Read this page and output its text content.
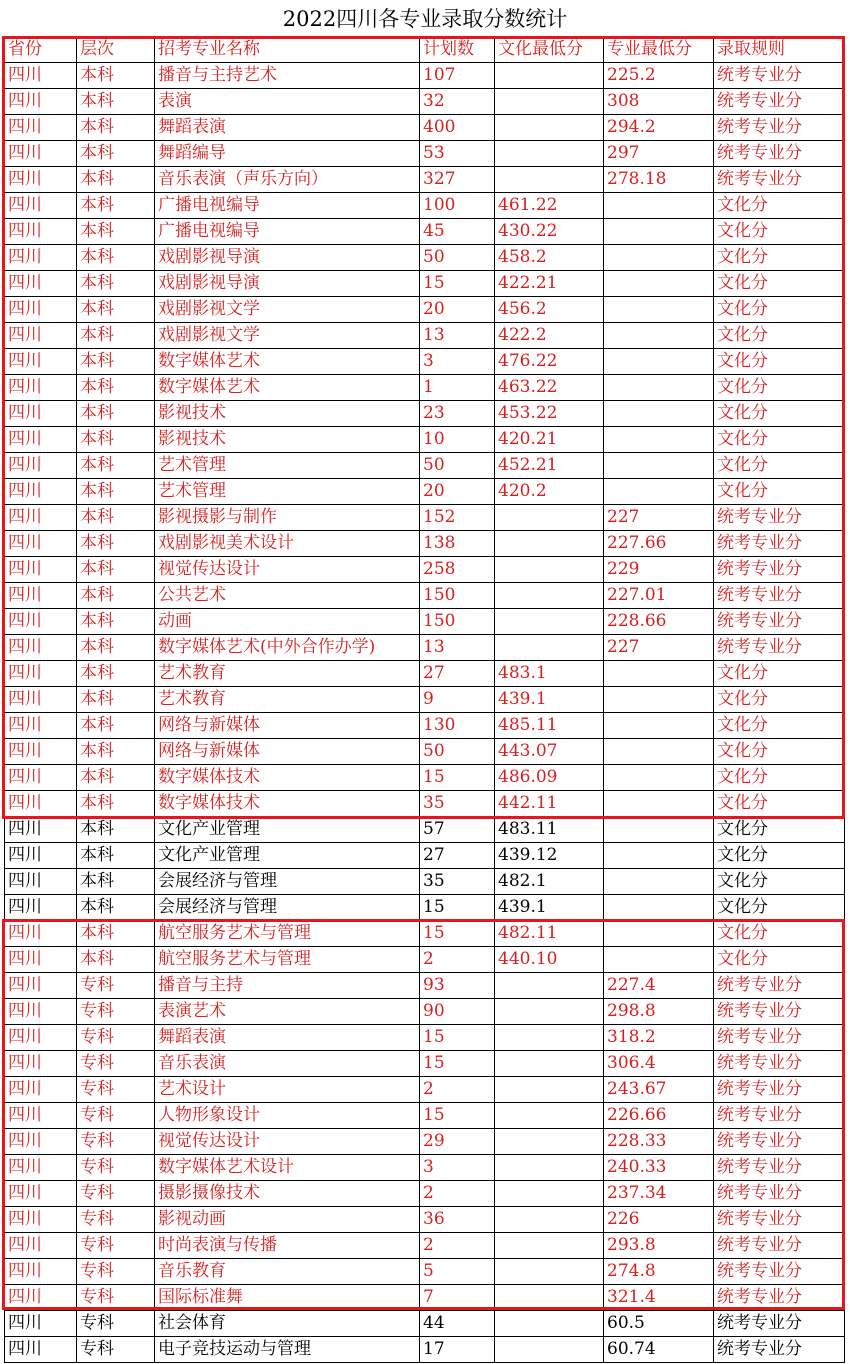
2022四川各专业录取分数统计
省份	层次	招考专业名称	计划数	文化最低分	专业最低分	录取规则
四川	本科	播音与主持艺术	107		225.2	统考专业分
四川	本科	表演	32		308	统考专业分
四川	本科	舞蹈表演	400		294.2	统考专业分
四川	本科	舞蹈编导	53		297	统考专业分
四川	本科	音乐表演（声乐方向）	327		278.18	统考专业分
四川	本科	广播电视编导	100	461.22		文化分
四川	本科	广播电视编导	45	430.22		文化分
四川	本科	戏剧影视导演	50	458.2		文化分
四川	本科	戏剧影视导演	15	422.21		文化分
四川	本科	戏剧影视文学	20	456.2		文化分
四川	本科	戏剧影视文学	13	422.2		文化分
四川	本科	数字媒体艺术	3	476.22		文化分
四川	本科	数字媒体艺术	1	463.22		文化分
四川	本科	影视技术	23	453.22		文化分
四川	本科	影视技术	10	420.21		文化分
四川	本科	艺术管理	50	452.21		文化分
四川	本科	艺术管理	20	420.2		文化分
四川	本科	影视摄影与制作	152		227	统考专业分
四川	本科	戏剧影视美术设计	138		227.66	统考专业分
四川	本科	视觉传达设计	258		229	统考专业分
四川	本科	公共艺术	150		227.01	统考专业分
四川	本科	动画	150		228.66	统考专业分
四川	本科	数字媒体艺术(中外合作办学)	13		227	统考专业分
四川	本科	艺术教育	27	483.1		文化分
四川	本科	艺术教育	9	439.1		文化分
四川	本科	网络与新媒体	130	485.11		文化分
四川	本科	网络与新媒体	50	443.07		文化分
四川	本科	数字媒体技术	15	486.09		文化分
四川	本科	数字媒体技术	35	442.11		文化分
四川	本科	文化产业管理	57	483.11		文化分
四川	本科	文化产业管理	27	439.12		文化分
四川	本科	会展经济与管理	35	482.1		文化分
四川	本科	会展经济与管理	15	439.1		文化分
四川	本科	航空服务艺术与管理	15	482.11		文化分
四川	本科	航空服务艺术与管理	2	440.10		文化分
四川	专科	播音与主持	93		227.4	统考专业分
四川	专科	表演艺术	90		298.8	统考专业分
四川	专科	舞蹈表演	15		318.2	统考专业分
四川	专科	音乐表演	15		306.4	统考专业分
四川	专科	艺术设计	2		243.67	统考专业分
四川	专科	人物形象设计	15		226.66	统考专业分
四川	专科	视觉传达设计	29		228.33	统考专业分
四川	专科	数字媒体艺术设计	3		240.33	统考专业分
四川	专科	摄影摄像技术	2		237.34	统考专业分
四川	专科	影视动画	36		226	统考专业分
四川	专科	时尚表演与传播	2		293.8	统考专业分
四川	专科	音乐教育	5		274.8	统考专业分
四川	专科	国际标准舞	7		321.4	统考专业分
四川	专科	社会体育	44		60.5	统考专业分
四川	专科	电子竞技运动与管理	17		60.74	统考专业分
